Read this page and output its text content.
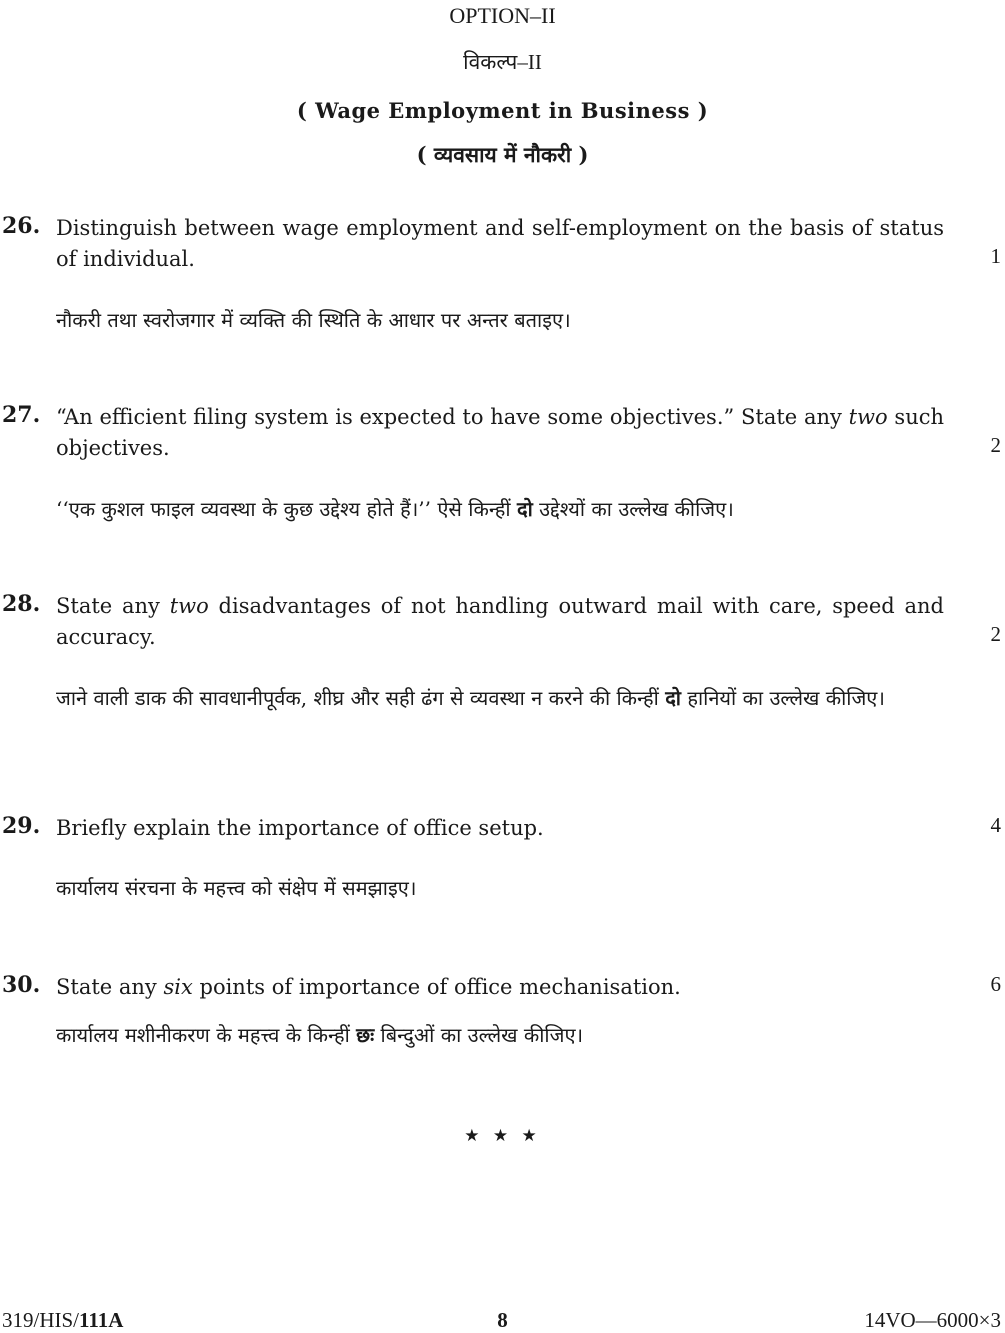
OPTION–II
विकल्प–II
( Wage Employment in Business )
( व्यवसाय में नौकरी )
26. Distinguish between wage employment and self-employment on the basis of status of individual.	1
नौकरी तथा स्वरोजगार में व्यक्ति की स्थिति के आधार पर अन्तर बताइए।
27. “An efficient filing system is expected to have some objectives.” State any two such objectives.	2
‘‘एक कुशल फाइल व्यवस्था के कुछ उद्देश्य होते हैं।’’ ऐसे किन्हीं दो उद्देश्यों का उल्लेख कीजिए।
28. State any two disadvantages of not handling outward mail with care, speed and accuracy.	2
जाने वाली डाक की सावधानीपूर्वक, शीघ्र और सही ढंग से व्यवस्था न करने की किन्हीं दो हानियों का उल्लेख कीजिए।
29. Briefly explain the importance of office setup.	4
कार्यालय संरचना के महत्त्व को संक्षेप में समझाइए।
30. State any six points of importance of office mechanisation.	6
कार्यालय मशीनीकरण के महत्त्व के किन्हीं छः बिन्दुओं का उल्लेख कीजिए।
★ ★ ★
319/HIS/111A	8	14VO—6000×3
